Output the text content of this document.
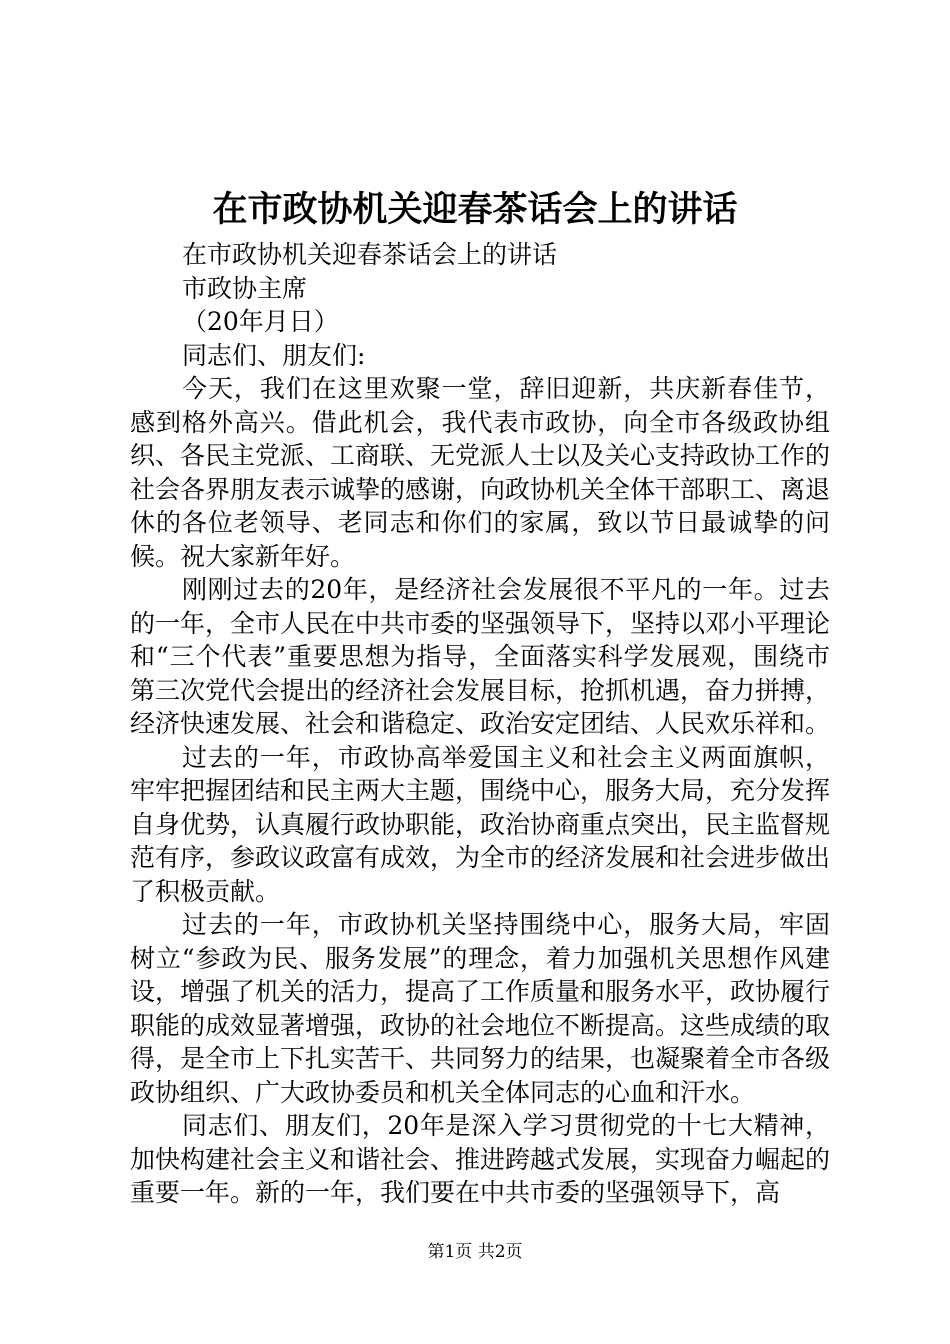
在市政协机关迎春茶话会上的讲话

在市政协机关迎春茶话会上的讲话

市政协主席

（20年月日）

同志们、朋友们:

今天，我们在这里欢聚一堂，辞旧迎新，共庆新春佳节，感到格外高兴。借此机会，我代表市政协，向全市各级政协组织、各民主党派、工商联、无党派人士以及关心支持政协工作的社会各界朋友表示诚挚的感谢，向政协机关全体干部职工、离退休的各位老领导、老同志和你们的家属，致以节日最诚挚的问候。祝大家新年好。

刚刚过去的20年，是经济社会发展很不平凡的一年。过去的一年，全市人民在中共市委的坚强领导下，坚持以邓小平理论和“三个代表”重要思想为指导，全面落实科学发展观，围绕市第三次党代会提出的经济社会发展目标，抢抓机遇，奋力拼搏，经济快速发展、社会和谐稳定、政治安定团结、人民欢乐祥和。

过去的一年，市政协高举爱国主义和社会主义两面旗帜，牢牢把握团结和民主两大主题，围绕中心，服务大局，充分发挥自身优势，认真履行政协职能，政治协商重点突出，民主监督规范有序，参政议政富有成效，为全市的经济发展和社会进步做出了积极贡献。

过去的一年，市政协机关坚持围绕中心，服务大局，牢固树立“参政为民、服务发展”的理念，着力加强机关思想作风建设，增强了机关的活力，提高了工作质量和服务水平，政协履行职能的成效显著增强，政协的社会地位不断提高。这些成绩的取得，是全市上下扎实苦干、共同努力的结果，也凝聚着全市各级政协组织、广大政协委员和机关全体同志的心血和汗水。

同志们、朋友们，20年是深入学习贯彻党的十七大精神，加快构建社会主义和谐社会、推进跨越式发展，实现奋力崛起的重要一年。新的一年，我们要在中共市委的坚强领导下，高

第1页 共2页
